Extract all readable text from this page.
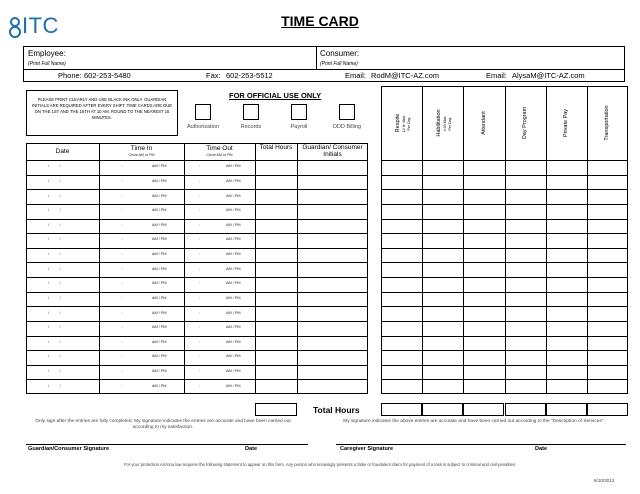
ITC	TIME CARD
Employee:
(Print Full Name)
Consumer:
(Print Full Name)
Phone: 602-253-5480	Fax: 602-253-5512	Email: RodM@ITC-AZ.com	Email: AlysaM@ITC-AZ.com
PLEASE PRINT CLEARLY AND USE BLACK INK ONLY. GUARDIAN INITIALS ARE REQUIRED AFTER EVERY SHIFT. TIME CARDS ARE DUE ON THE 1ST AND THE 16TH AT 10 AM. ROUND TO THE NEAREST 15 MINUTES.
FOR OFFICIAL USE ONLY
Authorization	Records	Payroll	DDD Billing
Date	Time In
Circle AM or PM
Time Out
Circle AM or PM
Total Hours	Guardian/ Consumer Initials
Respite 12 Hr Max Per Day	Habilitation 4.00 Max Per Day	Attendant	Day Program	Private Pay	Transportation
/          /	:	AM / PM	:	AM / PM
/          /	:	AM / PM	:	AM / PM
/          /	:	AM / PM	:	AM / PM
/          /	:	AM / PM	:	AM / PM
/          /	:	AM / PM	:	AM / PM
/          /	:	AM / PM	:	AM / PM
/          /	:	AM / PM	:	AM / PM
/          /	:	AM / PM	:	AM / PM
/          /	:	AM / PM	:	AM / PM
/          /	:	AM / PM	:	AM / PM
/          /	:	AM / PM	:	AM / PM
/          /	:	AM / PM	:	AM / PM
/          /	:	AM / PM	:	AM / PM
/          /	:	AM / PM	:	AM / PM
/          /	:	AM / PM	:	AM / PM
/          /	:	AM / PM	:	AM / PM
Total Hours
Only sign after the entries are fully completed. My signature indicates the entries are accurate and have been carried out according to my satisfaction.
My signature indicates the above entries are accurate and have been carried out according to the "Description of Services".
Guardian/Consumer Signature	Date	Caregiver Signature	Date
For your protection Arizona law requires the following statement to appear on this form. Any person who knowingly presents a false or fraudulent claim for payment of a loss is subject to criminal and civil penalties.
9/10/2012
